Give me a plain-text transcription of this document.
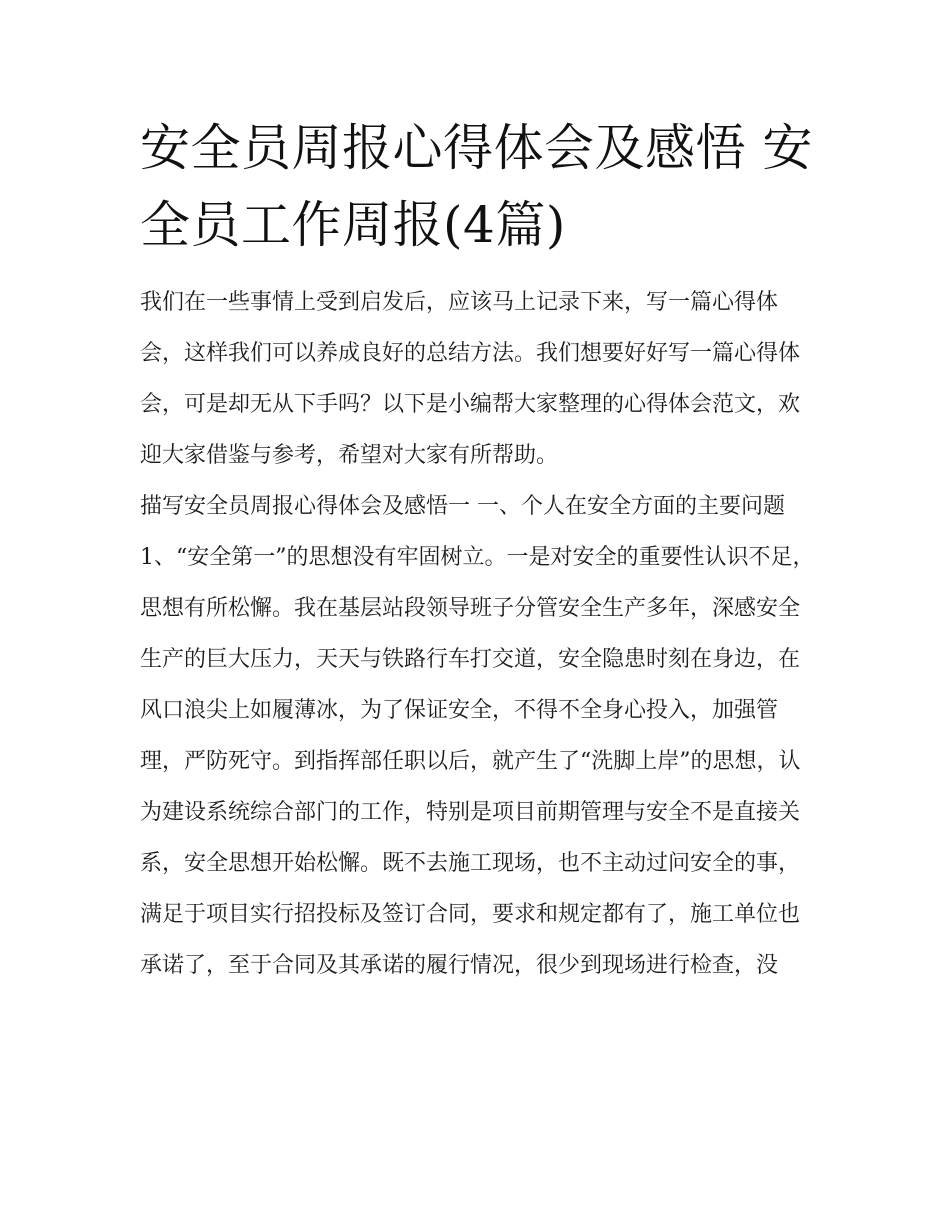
安全员周报心得体会及感悟 安全员工作周报(4篇)

我们在一些事情上受到启发后，应该马上记录下来，写一篇心得体会，这样我们可以养成良好的总结方法。我们想要好好写一篇心得体会，可是却无从下手吗？以下是小编帮大家整理的心得体会范文，欢迎大家借鉴与参考，希望对大家有所帮助。

描写安全员周报心得体会及感悟一 一、个人在安全方面的主要问题

1、“安全第一”的思想没有牢固树立。一是对安全的重要性认识不足，思想有所松懈。我在基层站段领导班子分管安全生产多年，深感安全生产的巨大压力，天天与铁路行车打交道，安全隐患时刻在身边，在风口浪尖上如履薄冰，为了保证安全，不得不全身心投入，加强管理，严防死守。到指挥部任职以后，就产生了“洗脚上岸”的思想，认为建设系统综合部门的工作，特别是项目前期管理与安全不是直接关系，安全思想开始松懈。既不去施工现场，也不主动过问安全的事，满足于项目实行招投标及签订合同，要求和规定都有了，施工单位也承诺了，至于合同及其承诺的履行情况，很少到现场进行检查，没
